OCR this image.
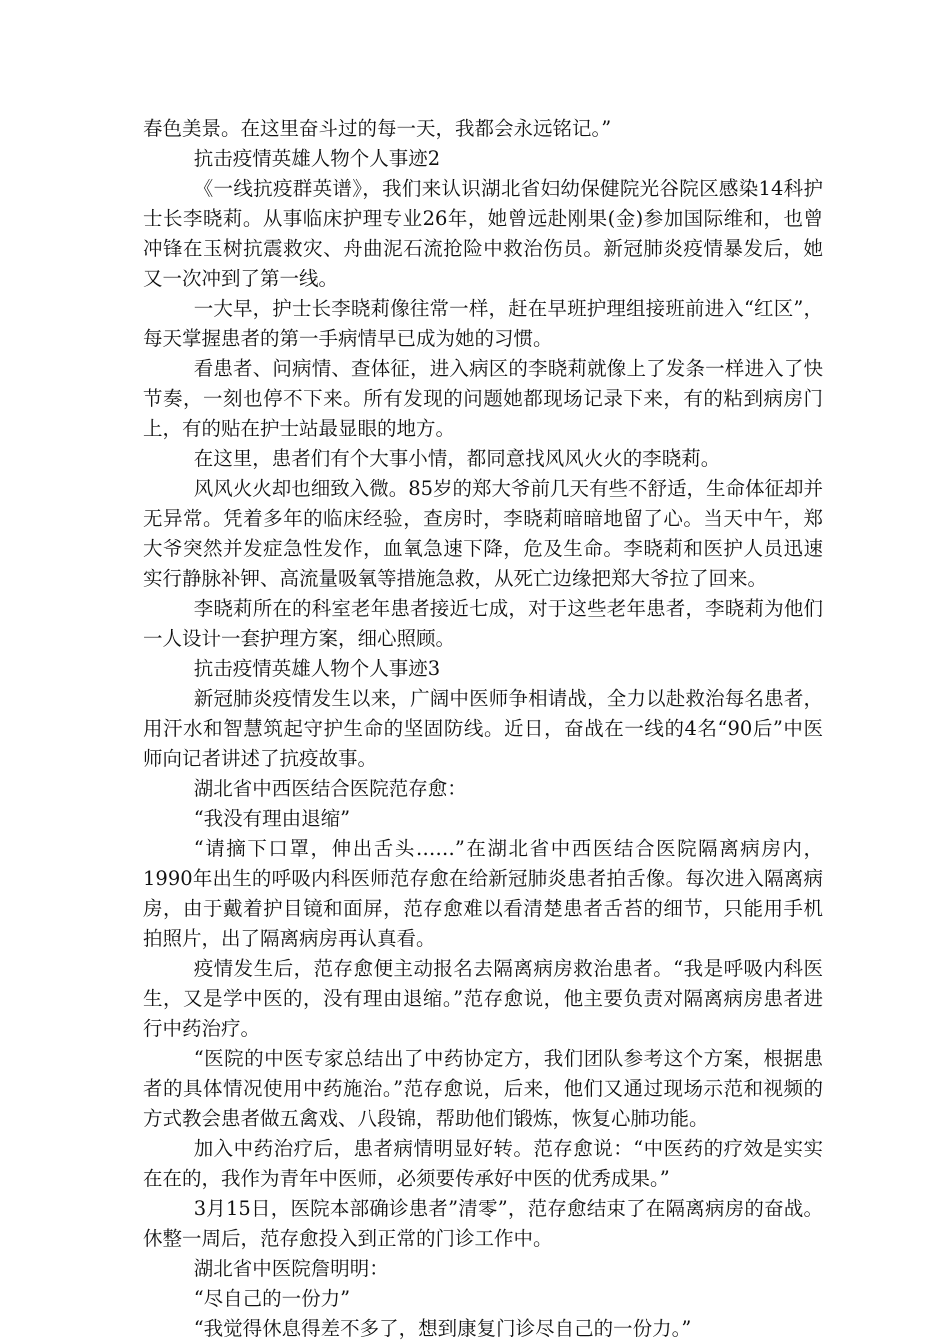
春色美景。在这里奋斗过的每一天，我都会永远铭记。”

抗击疫情英雄人物个人事迹2

《一线抗疫群英谱》，我们来认识湖北省妇幼保健院光谷院区感染14科护士长李晓莉。从事临床护理专业26年，她曾远赴刚果(金)参加国际维和，也曾冲锋在玉树抗震救灾、舟曲泥石流抢险中救治伤员。新冠肺炎疫情暴发后，她又一次冲到了第一线。

一大早，护士长李晓莉像往常一样，赶在早班护理组接班前进入“红区”，每天掌握患者的第一手病情早已成为她的习惯。

看患者、问病情、查体征，进入病区的李晓莉就像上了发条一样进入了快节奏，一刻也停不下来。所有发现的问题她都现场记录下来，有的粘到病房门上，有的贴在护士站最显眼的地方。

在这里，患者们有个大事小情，都同意找风风火火的李晓莉。

风风火火却也细致入微。85岁的郑大爷前几天有些不舒适，生命体征却并无异常。凭着多年的临床经验，查房时，李晓莉暗暗地留了心。当天中午，郑大爷突然并发症急性发作，血氧急速下降，危及生命。李晓莉和医护人员迅速实行静脉补钾、高流量吸氧等措施急救，从死亡边缘把郑大爷拉了回来。

李晓莉所在的科室老年患者接近七成，对于这些老年患者，李晓莉为他们一人设计一套护理方案，细心照顾。

抗击疫情英雄人物个人事迹3

新冠肺炎疫情发生以来，广阔中医师争相请战，全力以赴救治每名患者，用汗水和智慧筑起守护生命的坚固防线。近日，奋战在一线的4名“90后”中医师向记者讲述了抗疫故事。

湖北省中西医结合医院范存愈：

“我没有理由退缩”

“请摘下口罩，伸出舌头……”在湖北省中西医结合医院隔离病房内，1990年出生的呼吸内科医师范存愈在给新冠肺炎患者拍舌像。每次进入隔离病房，由于戴着护目镜和面屏，范存愈难以看清楚患者舌苔的细节，只能用手机拍照片，出了隔离病房再认真看。

疫情发生后，范存愈便主动报名去隔离病房救治患者。“我是呼吸内科医生，又是学中医的，没有理由退缩。”范存愈说，他主要负责对隔离病房患者进行中药治疗。

“医院的中医专家总结出了中药协定方，我们团队参考这个方案，根据患者的具体情况使用中药施治。”范存愈说，后来，他们又通过现场示范和视频的方式教会患者做五禽戏、八段锦，帮助他们锻炼，恢复心肺功能。

加入中药治疗后，患者病情明显好转。范存愈说：“中医药的疗效是实实在在的，我作为青年中医师，必须要传承好中医的优秀成果。”

3月15日，医院本部确诊患者”清零”，范存愈结束了在隔离病房的奋战。休整一周后，范存愈投入到正常的门诊工作中。

湖北省中医院詹明明：

“尽自己的一份力”

“我觉得休息得差不多了，想到康复门诊尽自己的一份力。”
